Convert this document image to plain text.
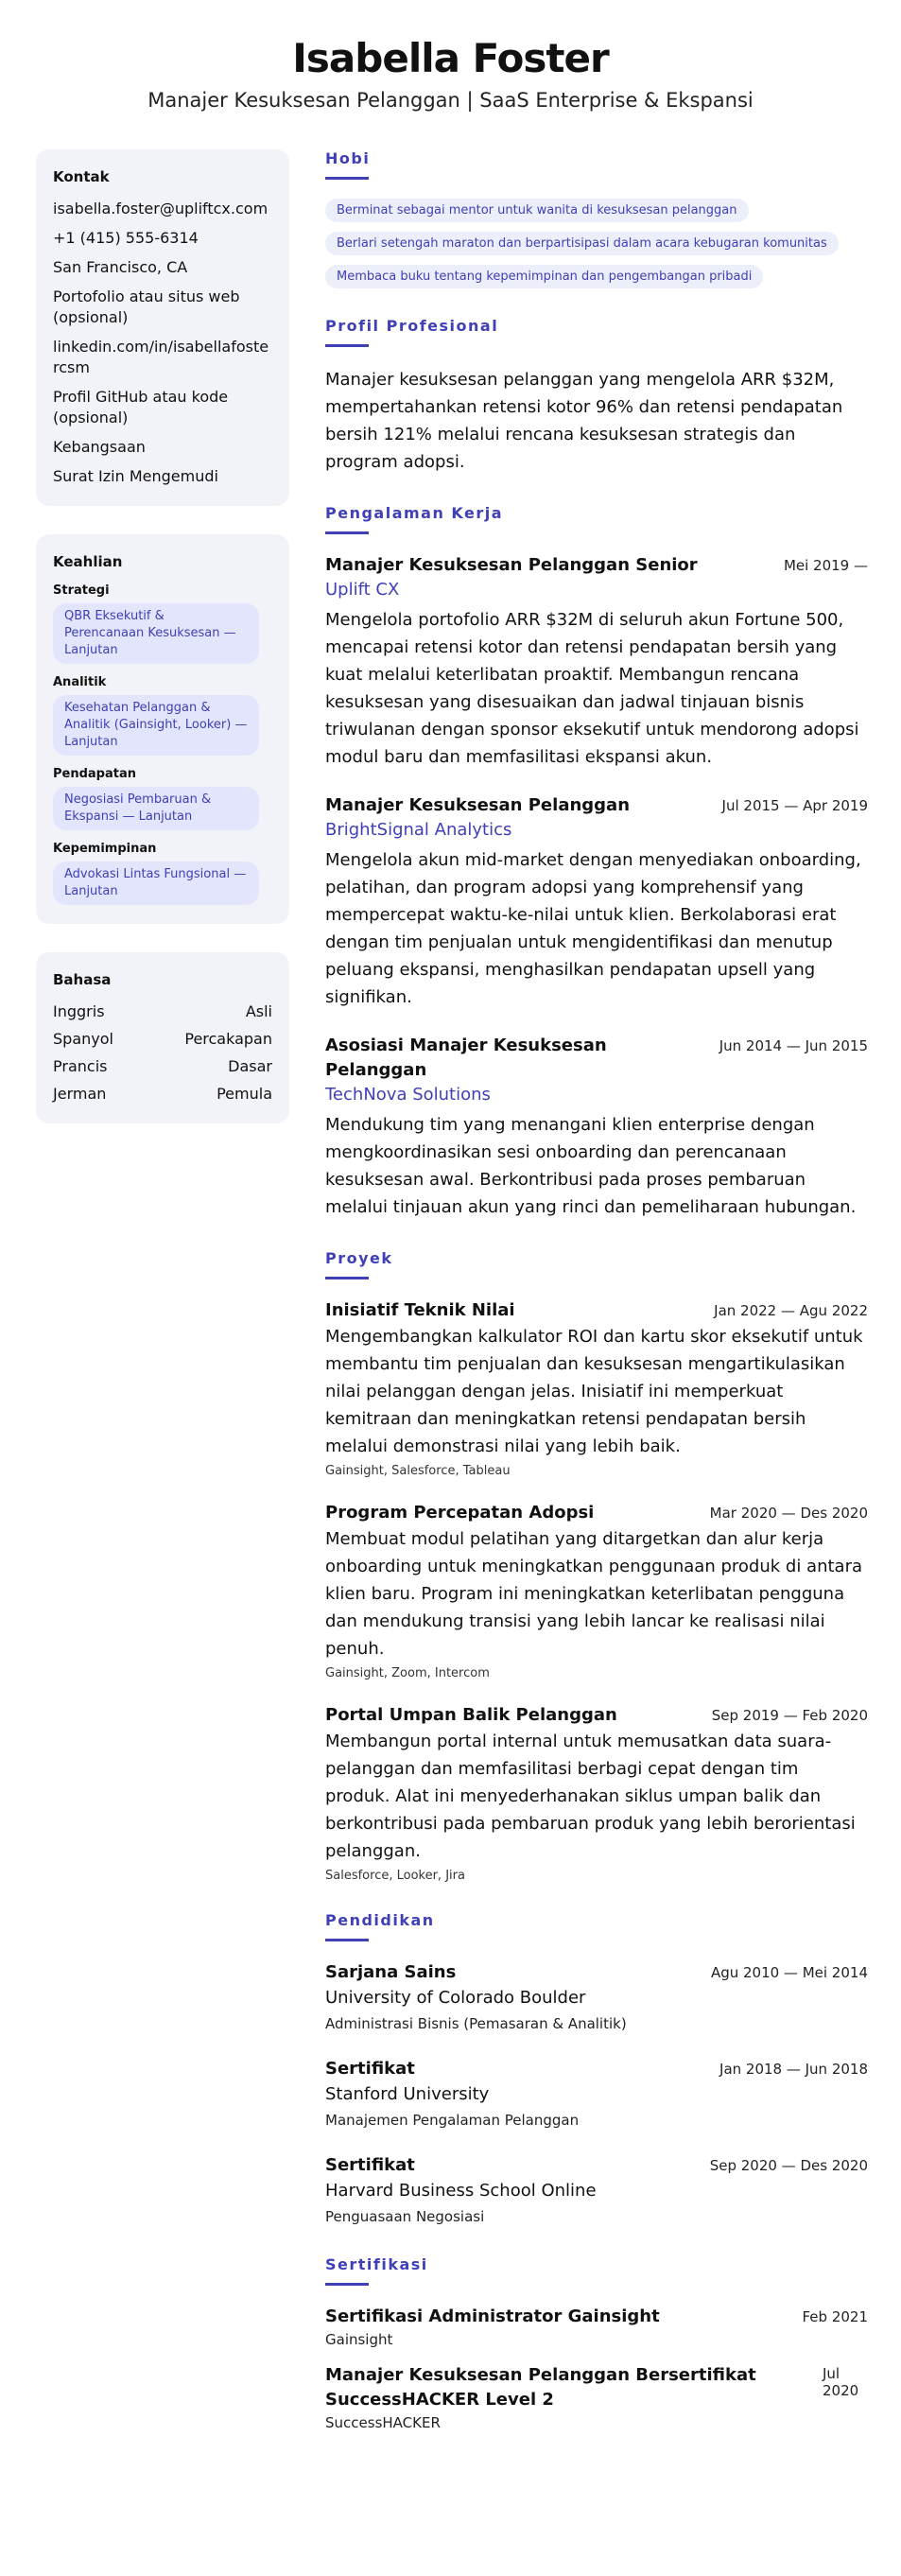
Isabella Foster
Manajer Kesuksesan Pelanggan | SaaS Enterprise & Ekspansi
Kontak
isabella.foster@upliftcx.com
+1 (415) 555-6314
San Francisco, CA
Portofolio atau situs web (opsional)
linkedin.com/in/isabellafostercsm
Profil GitHub atau kode (opsional)
Kebangsaan
Surat Izin Mengemudi
Keahlian
Strategi
QBR Eksekutif & Perencanaan Kesuksesan — Lanjutan
Analitik
Kesehatan Pelanggan & Analitik (Gainsight, Looker) — Lanjutan
Pendapatan
Negosiasi Pembaruan & Ekspansi — Lanjutan
Kepemimpinan
Advokasi Lintas Fungsional — Lanjutan
Bahasa
Inggris	Asli
Spanyol	Percakapan
Prancis	Dasar
Jerman	Pemula
Hobi
Berminat sebagai mentor untuk wanita di kesuksesan pelanggan
Berlari setengah maraton dan berpartisipasi dalam acara kebugaran komunitas
Membaca buku tentang kepemimpinan dan pengembangan pribadi
Profil Profesional
Manajer kesuksesan pelanggan yang mengelola ARR $32M, mempertahankan retensi kotor 96% dan retensi pendapatan bersih 121% melalui rencana kesuksesan strategis dan program adopsi.
Pengalaman Kerja
Manajer Kesuksesan Pelanggan Senior	Mei 2019 —
Uplift CX
Mengelola portofolio ARR $32M di seluruh akun Fortune 500, mencapai retensi kotor dan retensi pendapatan bersih yang kuat melalui keterlibatan proaktif. Membangun rencana kesuksesan yang disesuaikan dan jadwal tinjauan bisnis triwulanan dengan sponsor eksekutif untuk mendorong adopsi modul baru dan memfasilitasi ekspansi akun.
Manajer Kesuksesan Pelanggan	Jul 2015 — Apr 2019
BrightSignal Analytics
Mengelola akun mid-market dengan menyediakan onboarding, pelatihan, dan program adopsi yang komprehensif yang mempercepat waktu-ke-nilai untuk klien. Berkolaborasi erat dengan tim penjualan untuk mengidentifikasi dan menutup peluang ekspansi, menghasilkan pendapatan upsell yang signifikan.
Asosiasi Manajer Kesuksesan Pelanggan
Jun 2014 — Jun 2015
TechNova Solutions
Mendukung tim yang menangani klien enterprise dengan mengkoordinasikan sesi onboarding dan perencanaan kesuksesan awal. Berkontribusi pada proses pembaruan melalui tinjauan akun yang rinci dan pemeliharaan hubungan.
Proyek
Inisiatif Teknik Nilai	Jan 2022 — Agu 2022
Mengembangkan kalkulator ROI dan kartu skor eksekutif untuk membantu tim penjualan dan kesuksesan mengartikulasikan nilai pelanggan dengan jelas. Inisiatif ini memperkuat kemitraan dan meningkatkan retensi pendapatan bersih melalui demonstrasi nilai yang lebih baik.
Gainsight, Salesforce, Tableau
Program Percepatan Adopsi	Mar 2020 — Des 2020
Membuat modul pelatihan yang ditargetkan dan alur kerja onboarding untuk meningkatkan penggunaan produk di antara klien baru. Program ini meningkatkan keterlibatan pengguna dan mendukung transisi yang lebih lancar ke realisasi nilai penuh.
Gainsight, Zoom, Intercom
Portal Umpan Balik Pelanggan	Sep 2019 — Feb 2020
Membangun portal internal untuk memusatkan data suara-pelanggan dan memfasilitasi berbagi cepat dengan tim produk. Alat ini menyederhanakan siklus umpan balik dan berkontribusi pada pembaruan produk yang lebih berorientasi pelanggan.
Salesforce, Looker, Jira
Pendidikan
Sarjana Sains	Agu 2010 — Mei 2014
University of Colorado Boulder
Administrasi Bisnis (Pemasaran & Analitik)
Sertifikat	Jan 2018 — Jun 2018
Stanford University
Manajemen Pengalaman Pelanggan
Sertifikat	Sep 2020 — Des 2020
Harvard Business School Online
Penguasaan Negosiasi
Sertifikasi
Sertifikasi Administrator Gainsight	Feb 2021
Gainsight
Manajer Kesuksesan Pelanggan Bersertifikat SuccessHACKER Level 2
Jul 2020
SuccessHACKER
